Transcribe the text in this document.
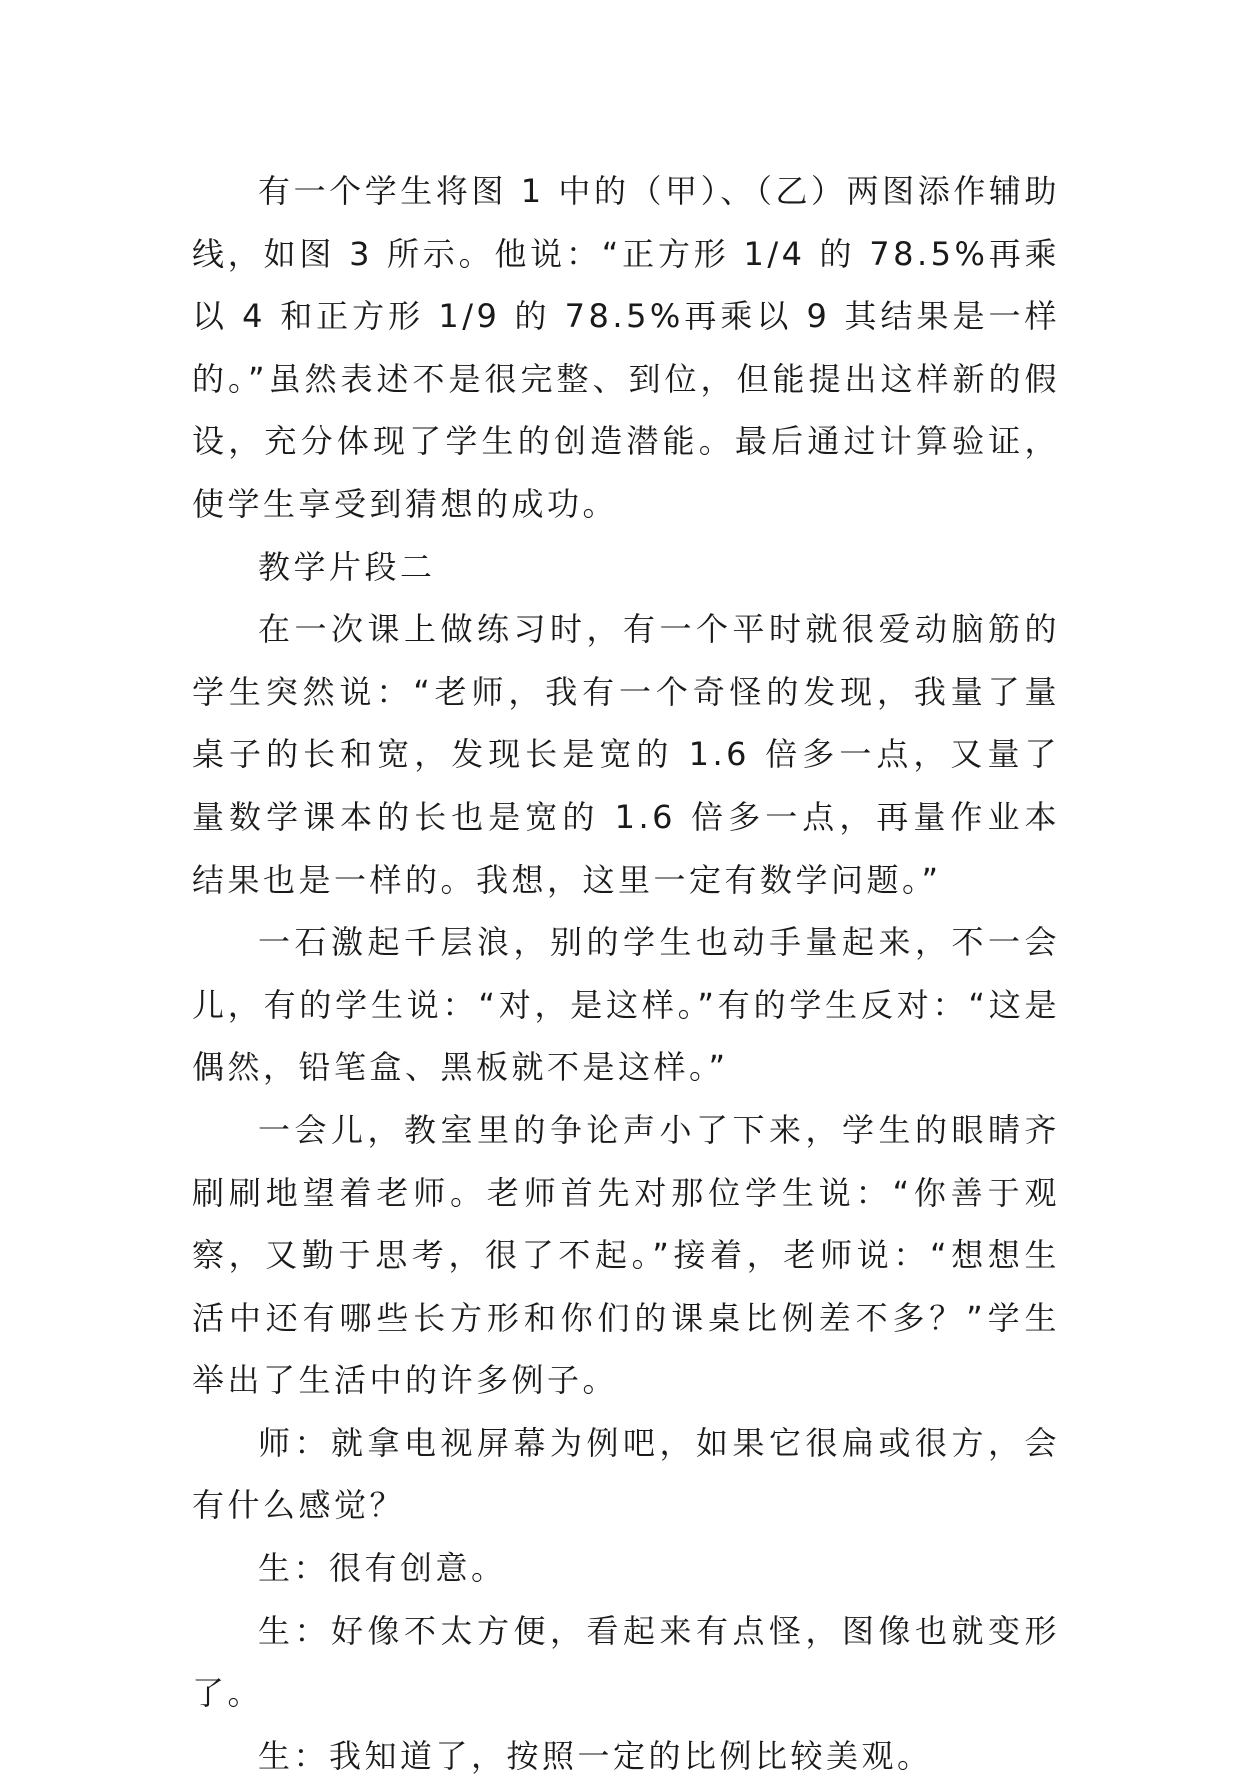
有一个学生将图 1 中的（甲）、（乙）两图添作辅助线，如图 3 所示。他说：“正方形 1/4 的 78.5%再乘以 4 和正方形 1/9 的 78.5%再乘以 9 其结果是一样的。”虽然表述不是很完整、到位，但能提出这样新的假设，充分体现了学生的创造潜能。最后通过计算验证，使学生享受到猜想的成功。

教学片段二

在一次课上做练习时，有一个平时就很爱动脑筋的学生突然说：“老师，我有一个奇怪的发现，我量了量桌子的长和宽，发现长是宽的 1.6 倍多一点，又量了量数学课本的长也是宽的 1.6 倍多一点，再量作业本结果也是一样的。我想，这里一定有数学问题。”

一石激起千层浪，别的学生也动手量起来，不一会儿，有的学生说：“对，是这样。”有的学生反对：“这是偶然，铅笔盒、黑板就不是这样。”

一会儿，教室里的争论声小了下来，学生的眼睛齐刷刷地望着老师。老师首先对那位学生说：“你善于观察，又勤于思考，很了不起。”接着，老师说：“想想生活中还有哪些长方形和你们的课桌比例差不多？”学生举出了生活中的许多例子。

师：就拿电视屏幕为例吧，如果它很扁或很方，会有什么感觉？

生：很有创意。

生：好像不太方便，看起来有点怪，图像也就变形了。

生：我知道了，按照一定的比例比较美观。
